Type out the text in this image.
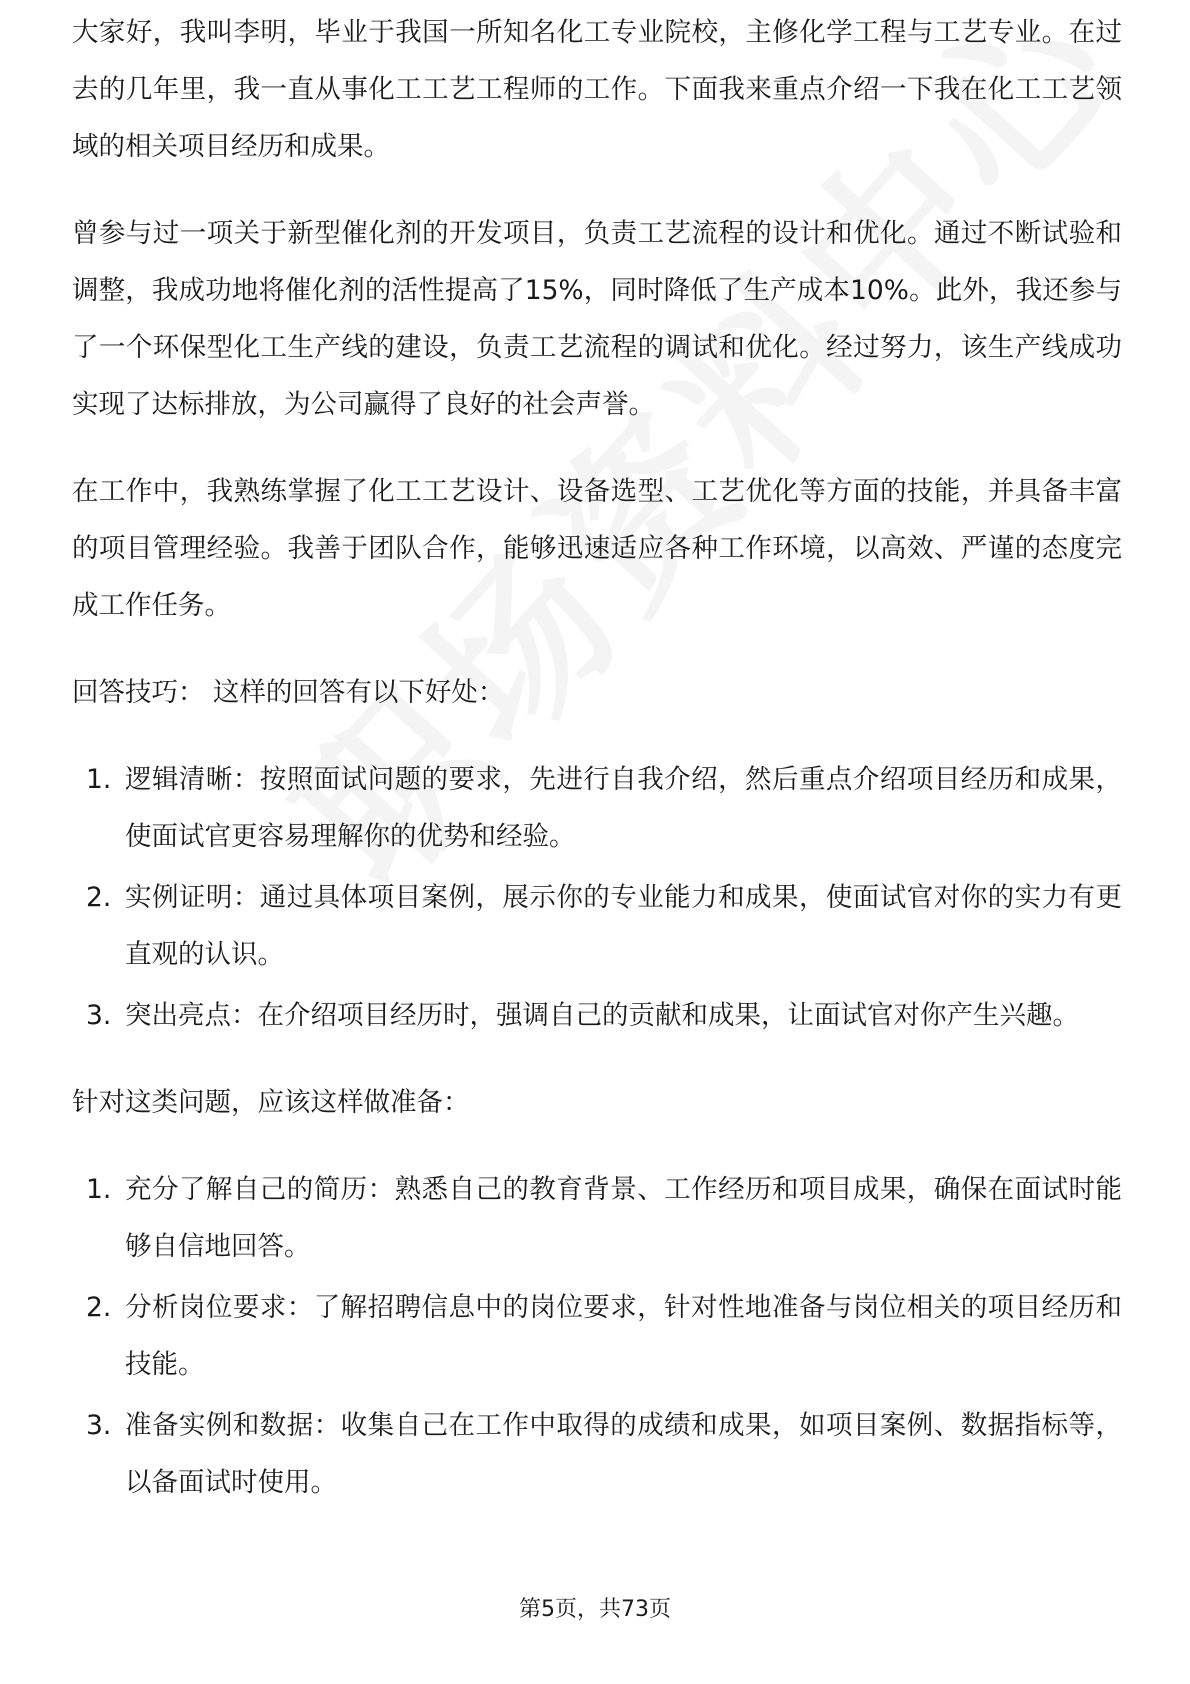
大家好，我叫李明，毕业于我国一所知名化工专业院校，主修化学工程与工艺专业。在过去的几年里，我一直从事化工工艺工程师的工作。下面我来重点介绍一下我在化工工艺领域的相关项目经历和成果。

曾参与过一项关于新型催化剂的开发项目，负责工艺流程的设计和优化。通过不断试验和调整，我成功地将催化剂的活性提高了15%，同时降低了生产成本10%。此外，我还参与了一个环保型化工生产线的建设，负责工艺流程的调试和优化。经过努力，该生产线成功实现了达标排放，为公司赢得了良好的社会声誉。

在工作中，我熟练掌握了化工工艺设计、设备选型、工艺优化等方面的技能，并具备丰富的项目管理经验。我善于团队合作，能够迅速适应各种工作环境，以高效、严谨的态度完成工作任务。

回答技巧： 这样的回答有以下好处：

1. 逻辑清晰：按照面试问题的要求，先进行自我介绍，然后重点介绍项目经历和成果，使面试官更容易理解你的优势和经验。
2. 实例证明：通过具体项目案例，展示你的专业能力和成果，使面试官对你的实力有更直观的认识。
3. 突出亮点：在介绍项目经历时，强调自己的贡献和成果，让面试官对你产生兴趣。

针对这类问题，应该这样做准备：

1. 充分了解自己的简历：熟悉自己的教育背景、工作经历和项目成果，确保在面试时能够自信地回答。
2. 分析岗位要求：了解招聘信息中的岗位要求，针对性地准备与岗位相关的项目经历和技能。
3. 准备实例和数据：收集自己在工作中取得的成绩和成果，如项目案例、数据指标等，以备面试时使用。
第5页，共73页
